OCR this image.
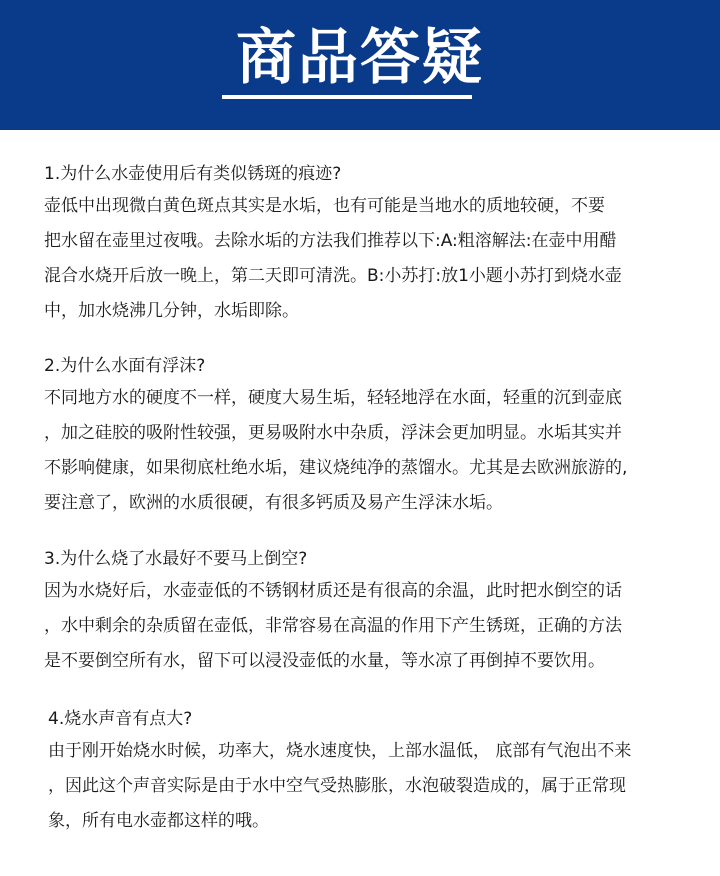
商品答疑
1.为什么水壶使用后有类似锈斑的痕迹?
壶低中出现微白黄色斑点其实是水垢，也有可能是当地水的质地较硬，不要
把水留在壶里过夜哦。去除水垢的方法我们推荐以下:A:粗溶解法:在壶中用醋
混合水烧开后放一晚上，第二天即可清洗。B:小苏打:放1小题小苏打到烧水壶
中，加水烧沸几分钟，水垢即除。
2.为什么水面有浮沫?
不同地方水的硬度不一样，硬度大易生垢，轻轻地浮在水面，轻重的沉到壶底
，加之硅胶的吸附性较强，更易吸附水中杂质，浮沫会更加明显。水垢其实并
不影响健康，如果彻底杜绝水垢，建议烧纯净的蒸馏水。尤其是去欧洲旅游的,
要注意了，欧洲的水质很硬，有很多钙质及易产生浮沫水垢。
3.为什么烧了水最好不要马上倒空?
因为水烧好后，水壶壶低的不锈钢材质还是有很高的余温，此时把水倒空的话
，水中剩余的杂质留在壶低，非常容易在高温的作用下产生锈斑，正确的方法
是不要倒空所有水，留下可以浸没壶低的水量，等水凉了再倒掉不要饮用。
4.烧水声音有点大?
由于刚开始烧水时候，功率大，烧水速度快，上部水温低， 底部有气泡出不来
，因此这个声音实际是由于水中空气受热膨胀，水泡破裂造成的，属于正常现
象，所有电水壶都这样的哦。
